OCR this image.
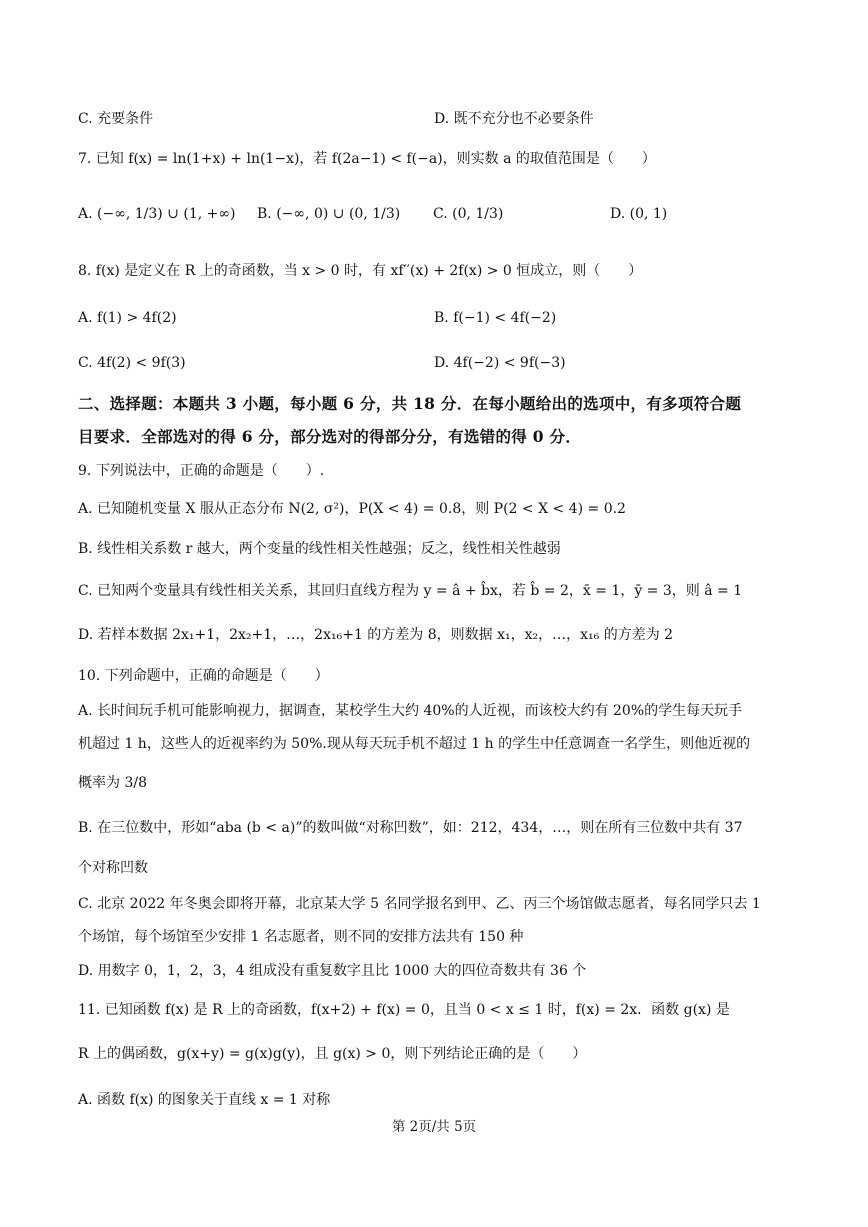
C. 充要条件	D. 既不充分也不必要条件
7. 已知 f(x) = ln(1+x) + ln(1−x)，若 f(2a−1) < f(−a)，则实数 a 的取值范围是（　　）
A. (−∞, 1/3) ∪ (1, +∞) B. (−∞, 0) ∪ (0, 1/3) C. (0, 1/3)	D. (0, 1)
8. f(x) 是定义在 R 上的奇函数，当 x > 0 时，有 xf′′(x) + 2f(x) > 0 恒成立，则（　　）
A. f(1) > 4f(2)	B. f(−1) < 4f(−2)
C. 4f(2) < 9f(3)	D. 4f(−2) < 9f(−3)
二、选择题：本题共 3 小题，每小题 6 分，共 18 分．在每小题给出的选项中，有多项符合题
目要求．全部选对的得 6 分，部分选对的得部分分，有选错的得 0 分．
9. 下列说法中，正确的命题是（　　）.
A. 已知随机变量 X 服从正态分布 N(2, σ²)，P(X < 4) = 0.8，则 P(2 < X < 4) = 0.2
B. 线性相关系数 r 越大，两个变量的线性相关性越强；反之，线性相关性越弱
C. 已知两个变量具有线性相关关系，其回归直线方程为 y = â + b̂x，若 b̂ = 2，x̄ = 1，ȳ = 3，则 â = 1
D. 若样本数据 2x₁+1，2x₂+1，…，2x₁₆+1 的方差为 8，则数据 x₁，x₂，…，x₁₆ 的方差为 2
10. 下列命题中，正确的命题是（　　）
A. 长时间玩手机可能影响视力，据调查，某校学生大约 40%的人近视，而该校大约有 20%的学生每天玩手
机超过 1 h，这些人的近视率约为 50%.现从每天玩手机不超过 1 h 的学生中任意调查一名学生，则他近视的
概率为 3/8
B. 在三位数中，形如“aba (b < a)”的数叫做“对称凹数”，如：212，434，…，则在所有三位数中共有 37
个对称凹数
C. 北京 2022 年冬奥会即将开幕，北京某大学 5 名同学报名到甲、乙、丙三个场馆做志愿者，每名同学只去 1
个场馆，每个场馆至少安排 1 名志愿者，则不同的安排方法共有 150 种
D. 用数字 0，1，2，3，4 组成没有重复数字且比 1000 大的四位奇数共有 36 个
11. 已知函数 f(x) 是 R 上的奇函数，f(x+2) + f(x) = 0，且当 0 < x ≤ 1 时，f(x) = 2x．函数 g(x) 是
R 上的偶函数，g(x+y) = g(x)g(y)，且 g(x) > 0，则下列结论正确的是（　　）
A. 函数 f(x) 的图象关于直线 x = 1 对称
第 2页/共 5页
